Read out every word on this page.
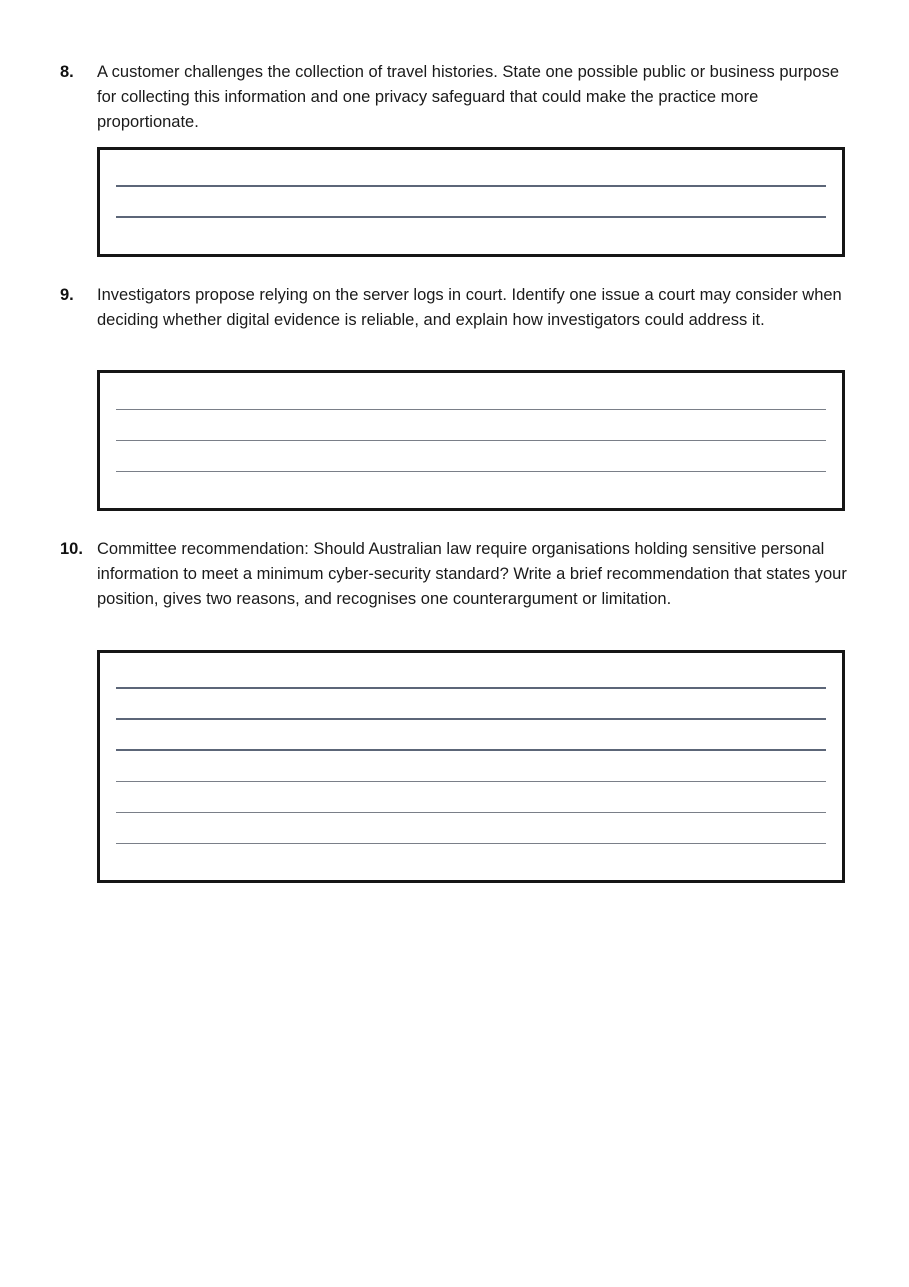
8. A customer challenges the collection of travel histories. State one possible public or business purpose for collecting this information and one privacy safeguard that could make the practice more proportionate.

9. Investigators propose relying on the server logs in court. Identify one issue a court may consider when deciding whether digital evidence is reliable, and explain how investigators could address it.

10. Committee recommendation: Should Australian law require organisations holding sensitive personal information to meet a minimum cyber-security standard? Write a brief recommendation that states your position, gives two reasons, and recognises one counterargument or limitation.
